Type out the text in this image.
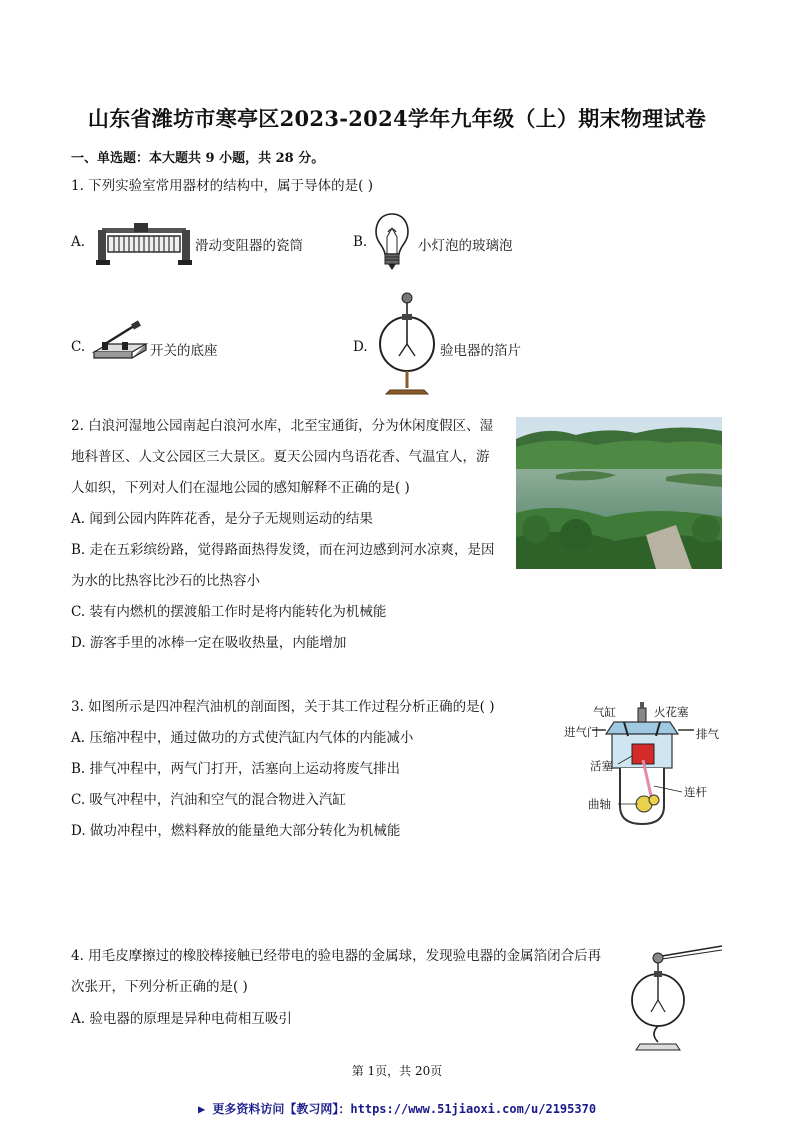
山东省潍坊市寒亭区2023-2024学年九年级（上）期末物理试卷
一、单选题：本大题共 9 小题，共 28 分。
1. 下列实验室常用器材的结构中，属于导体的是( )
A.	滑动变阻器的瓷筒	B.	小灯泡的玻璃泡
C.	开关的底座	D.	验电器的箔片
2. 白浪河湿地公园南起白浪河水库，北至宝通街，分为休闲度假区、湿
地科普区、人文公园区三大景区。夏天公园内鸟语花香、气温宜人，游
人如织，下列对人们在湿地公园的感知解释不正确的是( )
A. 闻到公园内阵阵花香，是分子无规则运动的结果
B. 走在五彩缤纷路，觉得路面热得发烫，而在河边感到河水凉爽，是因
为水的比热容比沙石的比热容小
C. 装有内燃机的摆渡船工作时是将内能转化为机械能
D. 游客手里的冰棒一定在吸收热量，内能增加
3. 如图所示是四冲程汽油机的剖面图，关于其工作过程分析正确的是( )
A. 压缩冲程中，通过做功的方式使汽缸内气体的内能减小
B. 排气冲程中，两气门打开，活塞向上运动将废气排出
C. 吸气冲程中，汽油和空气的混合物进入汽缸
D. 做功冲程中，燃料释放的能量绝大部分转化为机械能
气缸	火花塞
进气门	排气
活塞
连杆
曲轴
4. 用毛皮摩擦过的橡胶棒接触已经带电的验电器的金属球，发现验电器的金属箔闭合后再
次张开，下列分析正确的是( )
A. 验电器的原理是异种电荷相互吸引
第 1页，共 20页
▶ 更多资料访问【教习网】：https://www.51jiaoxi.com/u/2195370
